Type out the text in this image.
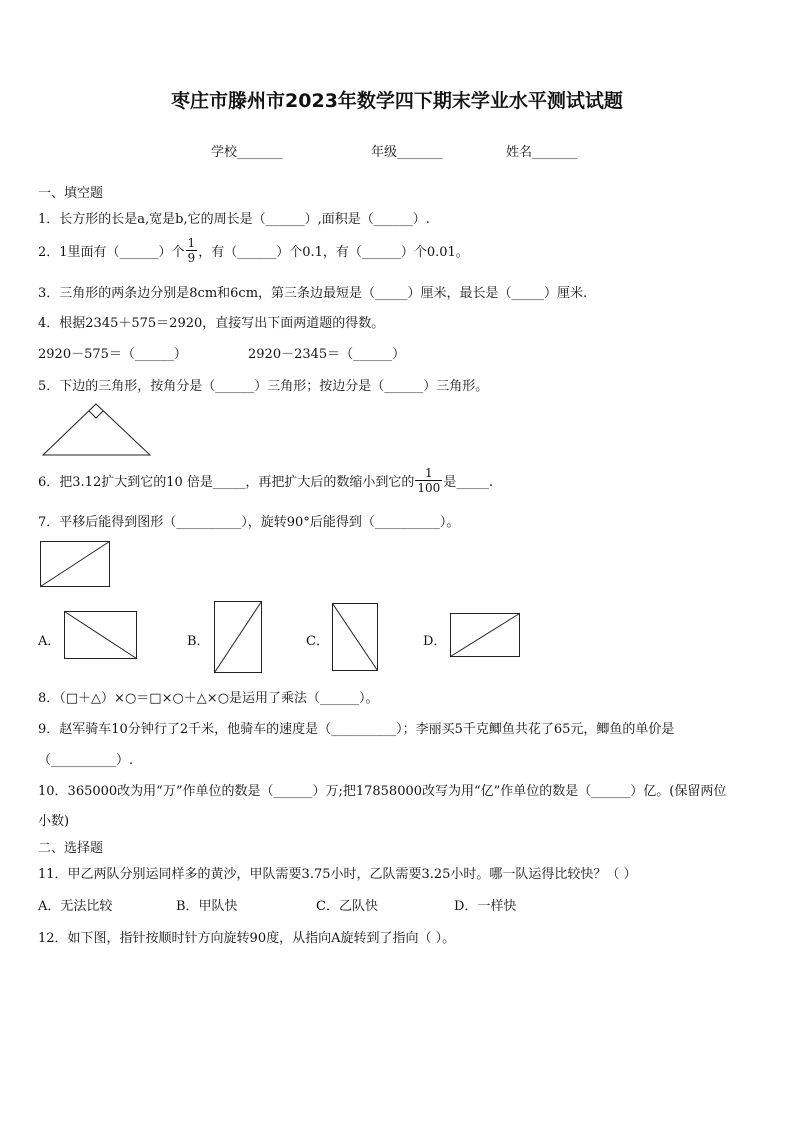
枣庄市滕州市2023年数学四下期末学业水平测试试题
学校_______	年级_______	姓名_______
一、填空题
1．长方形的长是a,宽是b,它的周长是（______）,面积是（______）.
2．1里面有（______）个 $\frac{1}{9}$ ，有（______）个0.1，有（______）个0.01。
3．三角形的两条边分别是8cm和6cm，第三条边最短是（_____）厘米，最长是（_____）厘米.
4．根据2345＋575＝2920，直接写出下面两道题的得数。
2920－575＝（______）	2920－2345＝（______）
5．下边的三角形，按角分是（______）三角形；按边分是（______）三角形。
6．把3.12扩大到它的10 倍是_____，再把扩大后的数缩小到它的 $\frac{1}{100}$ 是_____.
7．平移后能得到图形（__________），旋转90°后能得到（__________）。
A．	B．	C．	D．
8．（□＋△）×○＝□×○＋△×○是运用了乘法（______）。
9．赵军骑车10分钟行了2千米，他骑车的速度是（__________）；李丽买5千克鲫鱼共花了65元，鲫鱼的单价是
（__________）.
10．365000改为用“万”作单位的数是（______）万;把17858000改写为用“亿”作单位的数是（______）亿。(保留两位
小数)
二、选择题
11．甲乙两队分别运同样多的黄沙，甲队需要3.75小时，乙队需要3.25小时。哪一队运得比较快？（ ）
A．无法比较	B．甲队快	C．乙队快	D．一样快
12．如下图，指针按顺时针方向旋转90度，从指向A旋转到了指向（ ）。
